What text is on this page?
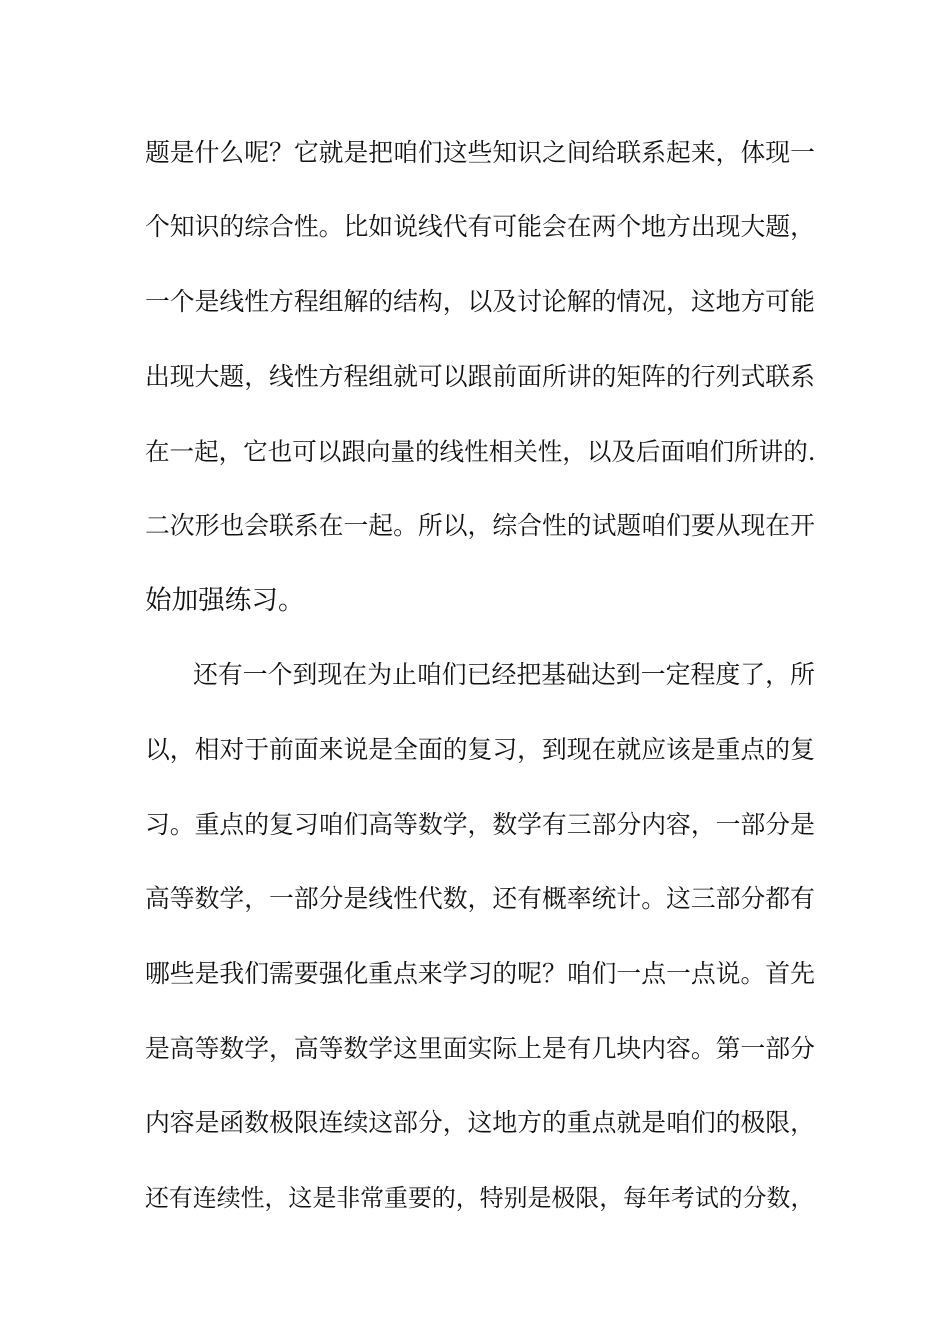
题是什么呢？它就是把咱们这些知识之间给联系起来，体现一
个知识的综合性。比如说线代有可能会在两个地方出现大题，
一个是线性方程组解的结构，以及讨论解的情况，这地方可能
出现大题，线性方程组就可以跟前面所讲的矩阵的行列式联系
在一起，它也可以跟向量的线性相关性，以及后面咱们所讲的.
二次形也会联系在一起。所以，综合性的试题咱们要从现在开
始加强练习。
还有一个到现在为止咱们已经把基础达到一定程度了，所
以，相对于前面来说是全面的复习，到现在就应该是重点的复
习。重点的复习咱们高等数学，数学有三部分内容，一部分是
高等数学，一部分是线性代数，还有概率统计。这三部分都有
哪些是我们需要强化重点来学习的呢？咱们一点一点说。首先
是高等数学，高等数学这里面实际上是有几块内容。第一部分
内容是函数极限连续这部分，这地方的重点就是咱们的极限，
还有连续性，这是非常重要的，特别是极限，每年考试的分数，
